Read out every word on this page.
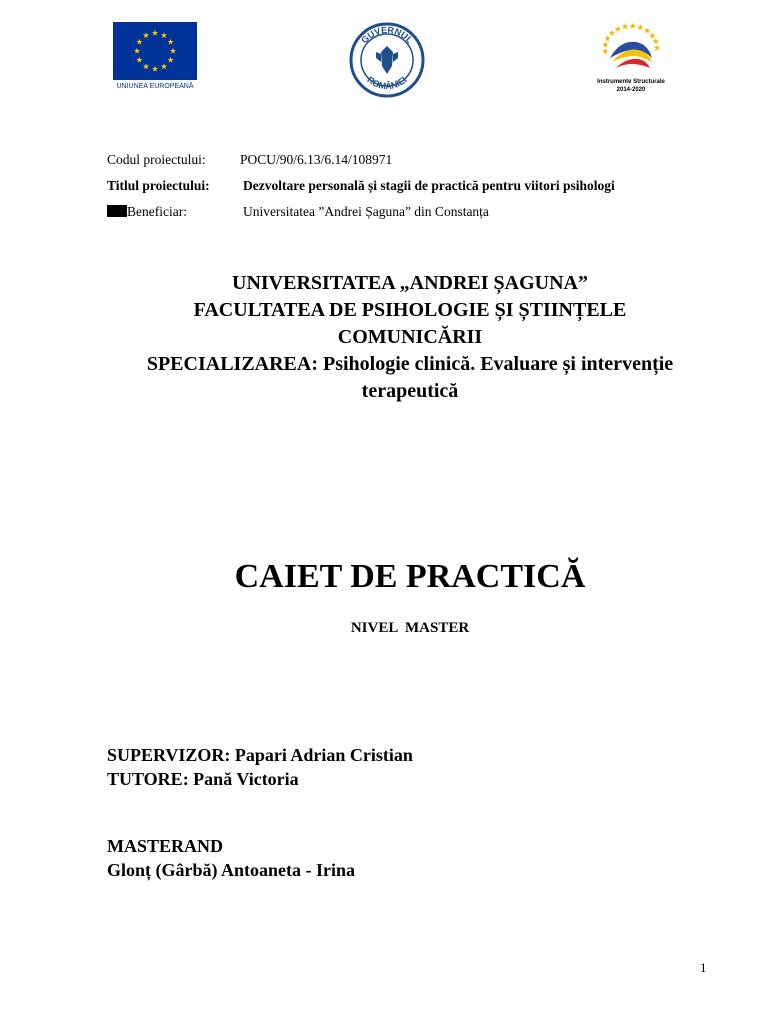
UNIUNEA EUROPEANĂ
GUVERNUL
ROMÂNIEI	Instrumente Structurale
2014-2020
Codul proiectului:	POCU/90/6.13/6.14/108971
Titlul proiectului: Dezvoltare personală și stagii de practică pentru viitori psihologi
Beneficiar:	Universitatea ”Andrei Șaguna” din Constanța
UNIVERSITATEA „ANDREI ȘAGUNA”
FACULTATEA DE PSIHOLOGIE ȘI ȘTIINȚELE
COMUNICĂRII
SPECIALIZAREA: Psihologie clinică. Evaluare și intervenție
terapeutică
CAIET DE PRACTICĂ
NIVEL  MASTER
SUPERVIZOR: Papari Adrian Cristian
TUTORE: Pană Victoria
MASTERAND
Glonț (Gârbă) Antoaneta - Irina
1
